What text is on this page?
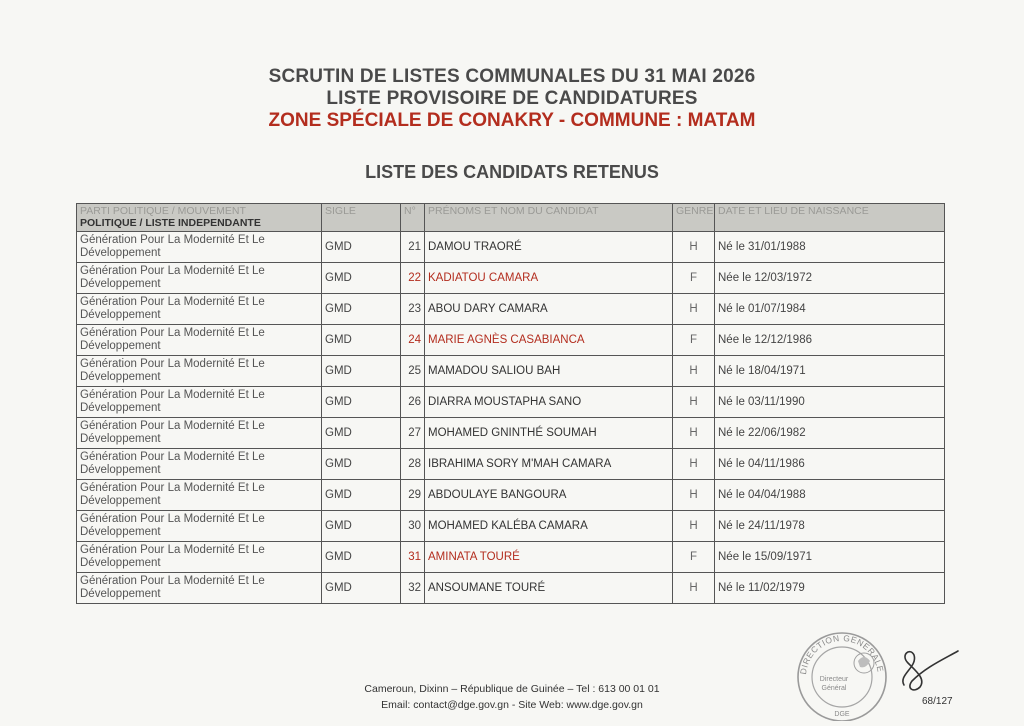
SCRUTIN DE LISTES COMMUNALES DU 31 MAI 2026
LISTE PROVISOIRE DE CANDIDATURES
ZONE SPÉCIALE DE CONAKRY - COMMUNE : MATAM
LISTE DES CANDIDATS RETENUS
PARTI POLITIQUE / MOUVEMENT
POLITIQUE / LISTE INDEPENDANTE	SIGLE	N°	PRÉNOMS ET NOM DU CANDIDAT	GENRE	DATE ET LIEU DE NAISSANCE

Génération Pour La Modernité Et Le
Développement	GMD	21	DAMOU TRAORÉ	H	Né le 31/01/1988

Génération Pour La Modernité Et Le
Développement	GMD	22	KADIATOU CAMARA	F	Née le 12/03/1972

Génération Pour La Modernité Et Le
Développement	GMD	23	ABOU DARY CAMARA	H	Né le 01/07/1984

Génération Pour La Modernité Et Le
Développement	GMD	24	MARIE AGNÈS CASABIANCA	F	Née le 12/12/1986

Génération Pour La Modernité Et Le
Développement	GMD	25	MAMADOU SALIOU BAH	H	Né le 18/04/1971

Génération Pour La Modernité Et Le
Développement	GMD	26	DIARRA MOUSTAPHA SANO	H	Né le 03/11/1990

Génération Pour La Modernité Et Le
Développement	GMD	27	MOHAMED GNINTHÉ SOUMAH	H	Né le 22/06/1982

Génération Pour La Modernité Et Le
Développement	GMD	28	IBRAHIMA SORY M'MAH CAMARA	H	Né le 04/11/1986

Génération Pour La Modernité Et Le
Développement	GMD	29	ABDOULAYE BANGOURA	H	Né le 04/04/1988

Génération Pour La Modernité Et Le
Développement	GMD	30	MOHAMED KALÉBA CAMARA	H	Né le 24/11/1978

Génération Pour La Modernité Et Le
Développement	GMD	31	AMINATA TOURÉ	F	Née le 15/09/1971

Génération Pour La Modernité Et Le
Développement	GMD	32	ANSOUMANE TOURÉ	H	Né le 11/02/1979
DIRECTION GENERALE
Directeur
Général
DGE
Cameroun, Dixinn – République de Guinée – Tel : 613 00 01 01
Email: contact@dge.gov.gn - Site Web: www.dge.gov.gn	68/127
